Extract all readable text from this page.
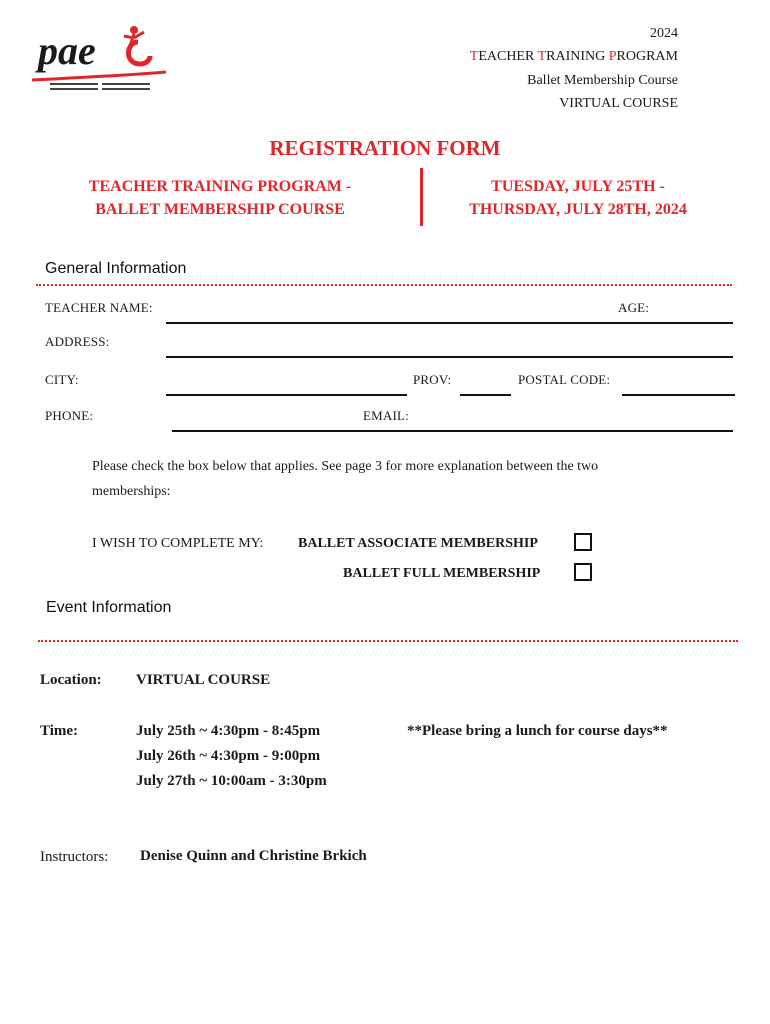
pae	2024
TEACHER TRAINING PROGRAM
Ballet Membership Course
VIRTUAL COURSE
REGISTRATION FORM
TEACHER TRAINING PROGRAM -
BALLET MEMBERSHIP COURSE
TUESDAY, JULY 25TH -
THURSDAY, JULY 28TH, 2024
General Information
TEACHER NAME:	AGE:
ADDRESS:
CITY:	PROV:	POSTAL CODE:
PHONE:	EMAIL:
Please check the box below that applies. See page 3 for more explanation between the two memberships:
I WISH TO COMPLETE MY: BALLET ASSOCIATE MEMBERSHIP
BALLET FULL MEMBERSHIP
Event Information
Location: VIRTUAL COURSE
Time:	July 25th ~ 4:30pm - 8:45pm
July 26th ~ 4:30pm - 9:00pm
July 27th ~ 10:00am - 3:30pm
**Please bring a lunch for course days**
Instructors: Denise Quinn and Christine Brkich
